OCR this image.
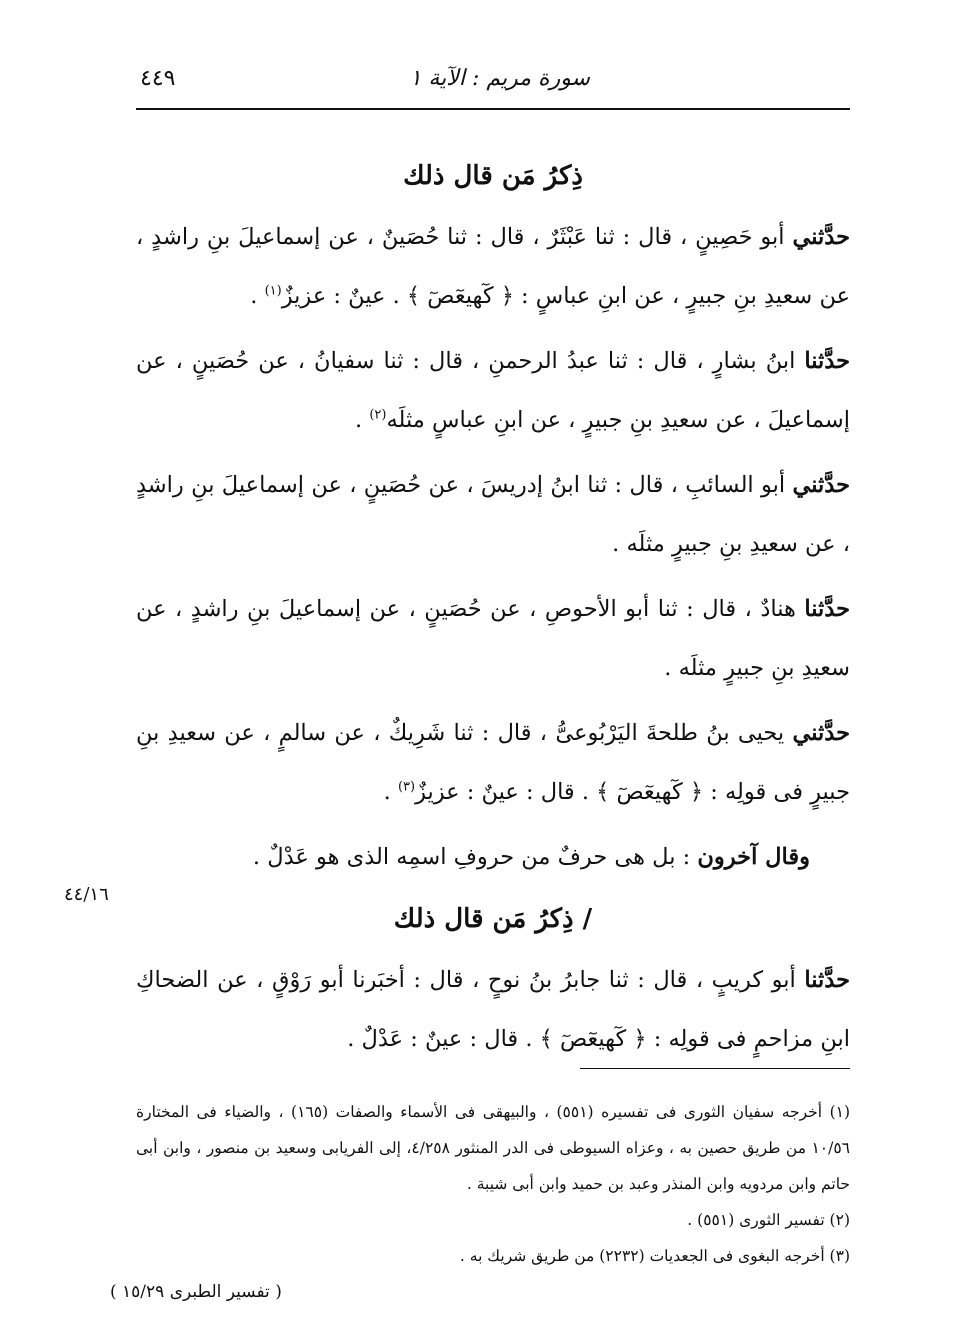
سورة مريم : الآية ١
٤٤٩
ذِكرُ مَن قال ذلك

حدَّثني أبو حَصِينٍ ، قال : ثنا عَبْثَرٌ ، قال : ثنا حُصَينٌ ، عن إسماعيلَ بنِ راشدٍ ، عن سعيدِ بنِ جبيرٍ ، عن ابنِ عباسٍ : ﴿ كٓهيعٓصٓ ﴾ . عينٌ : عزيزٌ$^{(١)}$ .

حدَّثنا ابنُ بشارٍ ، قال : ثنا عبدُ الرحمنِ ، قال : ثنا سفيانُ ، عن حُصَينٍ ، عن إسماعيلَ ، عن سعيدِ بنِ جبيرٍ ، عن ابنِ عباسٍ مثلَه$^{(٢)}$ .

حدَّثني أبو السائبِ ، قال : ثنا ابنُ إدريسَ ، عن حُصَينٍ ، عن إسماعيلَ بنِ راشدٍ ، عن سعيدِ بنِ جبيرٍ مثلَه .

حدَّثنا هنادٌ ، قال : ثنا أبو الأحوصِ ، عن حُصَينٍ ، عن إسماعيلَ بنِ راشدٍ ، عن سعيدِ بنِ جبيرٍ مثلَه .

حدَّثني يحيى بنُ طلحةَ اليَرْبُوعىُّ ، قال : ثنا شَرِيكٌ ، عن سالمٍ ، عن سعيدِ بنِ جبيرٍ فى قولِه : ﴿ كٓهيعٓصٓ ﴾ . قال : عينٌ : عزيزٌ$^{(٣)}$ .

وقال آخرون : بل هى حرفٌ من حروفِ اسمِه الذى هو عَدْلٌ .

/ ذِكرُ مَن قال ذلك

حدَّثنا أبو كريبٍ ، قال : ثنا جابرُ بنُ نوحٍ ، قال : أخبَرنا أبو رَوْقٍ ، عن الضحاكِ ابنِ مزاحمٍ فى قولِه : ﴿ كٓهيعٓصٓ ﴾ . قال : عينٌ : عَدْلٌ .

٤٤/١٦

(١) أخرجه سفيان الثورى فى تفسيره (٥٥١) ، والبيهقى فى الأسماء والصفات (١٦٥) ، والضياء فى المختارة ١٠/٥٦ من طريق حصين به ، وعزاه السيوطى فى الدر المنثور ٤/٢٥٨، إلى الفريابى وسعيد بن منصور ، وابن أبى حاتم وابن مردويه وابن المنذر وعبد بن حميد وابن أبى شيبة .

(٢) تفسير الثورى (٥٥١) .

(٣) أخرجه البغوى فى الجعديات (٢٢٣٢) من طريق شريك به .

( تفسير الطبرى ١٥/٢٩ )
